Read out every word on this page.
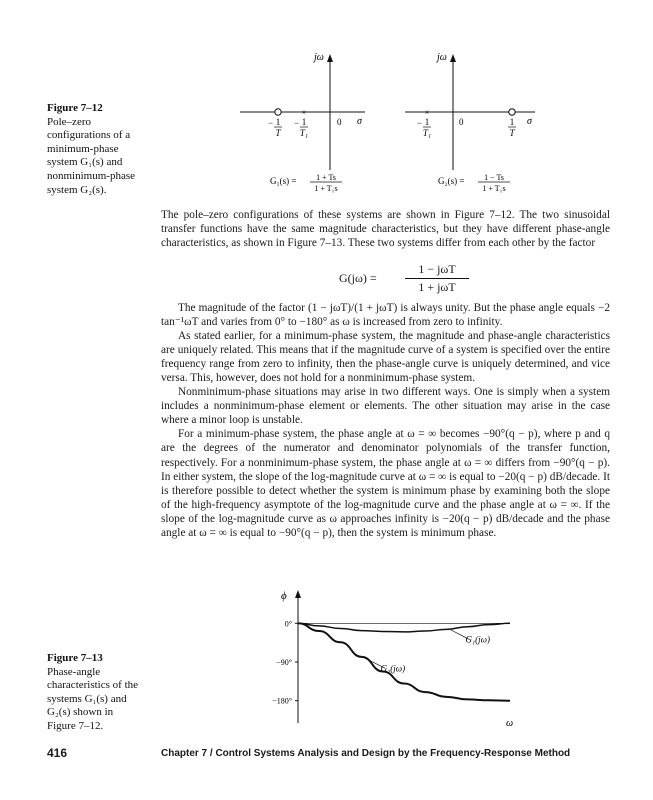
Figure 7–12
Pole–zero
configurations of a
minimum-phase
system G₁(s) and
nonminimum-phase
system G₂(s).
jω
σ
0
×
− 1
T
− 1
T₁
G₁(s) = 1 + Ts
1 + T₁s
jω
σ
0
×
− 1
T₁
1
T
G₂(s) = 1 − Ts
1 + T₁s

The pole–zero configurations of these systems are shown in Figure 7–12. The two sinusoidal transfer functions have the same magnitude characteristics, but they have different phase-angle characteristics, as shown in Figure 7–13. These two systems differ from each other by the factor

G(jω) =
1 − jωT
1 + jωT

The magnitude of the factor (1 − jωT)/(1 + jωT) is always unity. But the phase angle equals −2 tan⁻¹ωT and varies from 0° to −180° as ω is increased from zero to infinity.

As stated earlier, for a minimum-phase system, the magnitude and phase-angle characteristics are uniquely related. This means that if the magnitude curve of a system is specified over the entire frequency range from zero to infinity, then the phase-angle curve is uniquely determined, and vice versa. This, however, does not hold for a nonminimum-phase system.

Nonminimum-phase situations may arise in two different ways. One is simply when a system includes a nonminimum-phase element or elements. The other situation may arise in the case where a minor loop is unstable.

For a minimum-phase system, the phase angle at ω = ∞ becomes −90°(q − p), where p and q are the degrees of the numerator and denominator polynomials of the transfer function, respectively. For a nonminimum-phase system, the phase angle at ω = ∞ differs from −90°(q − p). In either system, the slope of the log-magnitude curve at ω = ∞ is equal to −20(q − p) dB/decade. It is therefore possible to detect whether the system is minimum phase by examining both the slope of the high-frequency asymptote of the log-magnitude curve and the phase angle at ω = ∞. If the slope of the log-magnitude curve as ω approaches infinity is −20(q − p) dB/decade and the phase angle at ω = ∞ is equal to −90°(q − p), then the system is minimum phase.

Figure 7–13
Phase-angle
characteristics of the
systems G₁(s) and
G₂(s) shown in
Figure 7–12.
ϕ
ω
0°
−90°
−180°
G₁(jω)
G₂(jω)
416	Chapter 7 / Control Systems Analysis and Design by the Frequency-Response Method
